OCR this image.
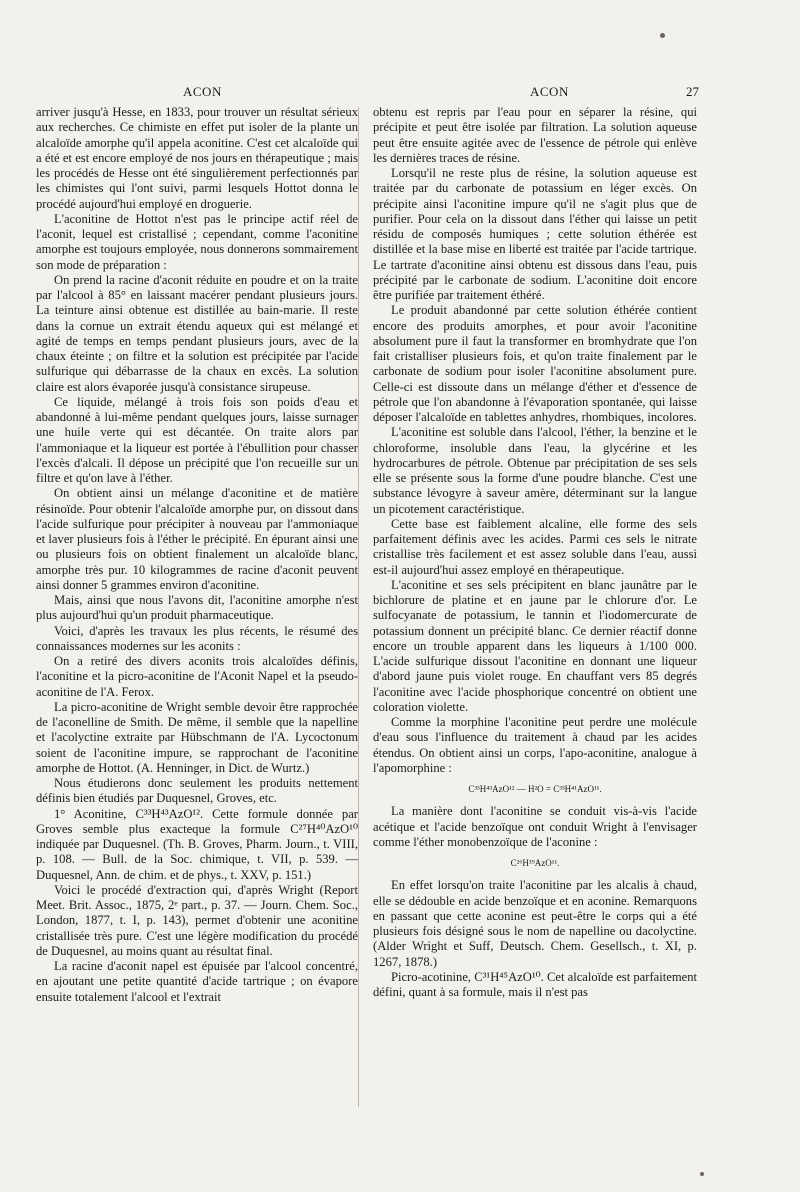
ACON	ACON	27

arriver jusqu'à Hesse, en 1833, pour trouver un résultat sérieux aux recherches. Ce chimiste en effet put isoler de la plante un alcaloïde amorphe qu'il appela aconitine. C'est cet alcaloïde qui a été et est encore employé de nos jours en thérapeutique ; mais les procédés de Hesse ont été singulièrement perfectionnés par les chimistes qui l'ont suivi, parmi lesquels Hottot donna le procédé aujourd'hui employé en droguerie.

L'aconitine de Hottot n'est pas le principe actif réel de l'aconit, lequel est cristallisé ; cependant, comme l'aconitine amorphe est toujours employée, nous donnerons sommairement son mode de préparation :

On prend la racine d'aconit réduite en poudre et on la traite par l'alcool à 85° en laissant macérer pendant plusieurs jours. La teinture ainsi obtenue est distillée au bain-marie. Il reste dans la cornue un extrait étendu aqueux qui est mélangé et agité de temps en temps pendant plusieurs jours, avec de la chaux éteinte ; on filtre et la solution est précipitée par l'acide sulfurique qui débarrasse de la chaux en excès. La solution claire est alors évaporée jusqu'à consistance sirupeuse.

Ce liquide, mélangé à trois fois son poids d'eau et abandonné à lui-même pendant quelques jours, laisse surnager une huile verte qui est décantée. On traite alors par l'ammoniaque et la liqueur est portée à l'ébullition pour chasser l'excès d'alcali. Il dépose un précipité que l'on recueille sur un filtre et qu'on lave à l'éther.

On obtient ainsi un mélange d'aconitine et de matière résinoïde. Pour obtenir l'alcaloïde amorphe pur, on dissout dans l'acide sulfurique pour précipiter à nouveau par l'ammoniaque et laver plusieurs fois à l'éther le précipité. En épurant ainsi une ou plusieurs fois on obtient finalement un alcaloïde blanc, amorphe très pur. 10 kilogrammes de racine d'aconit peuvent ainsi donner 5 grammes environ d'aconitine.

Mais, ainsi que nous l'avons dit, l'aconitine amorphe n'est plus aujourd'hui qu'un produit pharmaceutique.

Voici, d'après les travaux les plus récents, le résumé des connaissances modernes sur les aconits :

On a retiré des divers aconits trois alcaloïdes définis, l'aconitine et la picro-aconitine de l'Aconit Napel et la pseudo-aconitine de l'A. Ferox.

La picro-aconitine de Wright semble devoir être rapprochée de l'aconelline de Smith. De même, il semble que la napelline et l'acolyctine extraite par Hübschmann de l'A. Lycoctonum soient de l'aconitine impure, se rapprochant de l'aconitine amorphe de Hottot. (A. Henninger, in Dict. de Wurtz.)

Nous étudierons donc seulement les produits nettement définis bien étudiés par Duquesnel, Groves, etc.

1° Aconitine, C³³H⁴³AzO¹². Cette formule donnée par Groves semble plus exacteque la formule C²⁷H⁴⁰AzO¹⁰ indiquée par Duquesnel. (Th. B. Groves, Pharm. Journ., t. VIII, p. 108. — Bull. de la Soc. chimique, t. VII, p. 539. — Duquesnel, Ann. de chim. et de phys., t. XXV, p. 151.)

Voici le procédé d'extraction qui, d'après Wright (Report Meet. Brit. Assoc., 1875, 2ᵉ part., p. 37. — Journ. Chem. Soc., London, 1877, t. I, p. 143), permet d'obtenir une aconitine cristallisée très pure. C'est une légère modification du procédé de Duquesnel, au moins quant au résultat final.

La racine d'aconit napel est épuisée par l'alcool concentré, en ajoutant une petite quantité d'acide tartrique ; on évapore ensuite totalement l'alcool et l'extrait

obtenu est repris par l'eau pour en séparer la résine, qui précipite et peut être isolée par filtration. La solution aqueuse peut être ensuite agitée avec de l'essence de pétrole qui enlève les dernières traces de résine.

Lorsqu'il ne reste plus de résine, la solution aqueuse est traitée par du carbonate de potassium en léger excès. On précipite ainsi l'aconitine impure qu'il ne s'agit plus que de purifier. Pour cela on la dissout dans l'éther qui laisse un petit résidu de composés humiques ; cette solution éthérée est distillée et la base mise en liberté est traitée par l'acide tartrique. Le tartrate d'aconitine ainsi obtenu est dissous dans l'eau, puis précipité par le carbonate de sodium. L'aconitine doit encore être purifiée par traitement éthéré.

Le produit abandonné par cette solution éthérée contient encore des produits amorphes, et pour avoir l'aconitine absolument pure il faut la transformer en bromhydrate que l'on fait cristalliser plusieurs fois, et qu'on traite finalement par le carbonate de sodium pour isoler l'aconitine absolument pure. Celle-ci est dissoute dans un mélange d'éther et d'essence de pétrole que l'on abandonne à l'évaporation spontanée, qui laisse déposer l'alcaloïde en tablettes anhydres, rhombiques, incolores.

L'aconitine est soluble dans l'alcool, l'éther, la benzine et le chloroforme, insoluble dans l'eau, la glycérine et les hydrocarbures de pétrole. Obtenue par précipitation de ses sels elle se présente sous la forme d'une poudre blanche. C'est une substance lévogyre à saveur amère, déterminant sur la langue un picotement caractéristique.

Cette base est faiblement alcaline, elle forme des sels parfaitement définis avec les acides. Parmi ces sels le nitrate cristallise très facilement et est assez soluble dans l'eau, aussi est-il aujourd'hui assez employé en thérapeutique.

L'aconitine et ses sels précipitent en blanc jaunâtre par le bichlorure de platine et en jaune par le chlorure d'or. Le sulfocyanate de potassium, le tannin et l'iodomercurate de potassium donnent un précipité blanc. Ce dernier réactif donne encore un trouble apparent dans les liqueurs à 1/100 000. L'acide sulfurique dissout l'aconitine en donnant une liqueur d'abord jaune puis violet rouge. En chauffant vers 85 degrés l'aconitine avec l'acide phosphorique concentré on obtient une coloration violette.

Comme la morphine l'aconitine peut perdre une molécule d'eau sous l'influence du traitement à chaud par les acides étendus. On obtient ainsi un corps, l'apo-aconitine, analogue à l'apomorphine :

C³³H⁴³AzO¹² — H²O = C³³H⁴¹AzO¹¹.

La manière dont l'aconitine se conduit vis-à-vis l'acide acétique et l'acide benzoïque ont conduit Wright à l'envisager comme l'éther monobenzoïque de l'aconine :

C²⁶H³⁹AzO¹¹.

En effet lorsqu'on traite l'aconitine par les alcalis à chaud, elle se dédouble en acide benzoïque et en aconine. Remarquons en passant que cette aconine est peut-être le corps qui a été plusieurs fois désigné sous le nom de napelline ou dacolyctine. (Alder Wright et Suff, Deutsch. Chem. Gesellsch., t. XI, p. 1267, 1878.)

Picro-acotinine, C³¹H⁴⁵AzO¹⁰. Cet alcaloïde est parfaitement défini, quant à sa formule, mais il n'est pas
